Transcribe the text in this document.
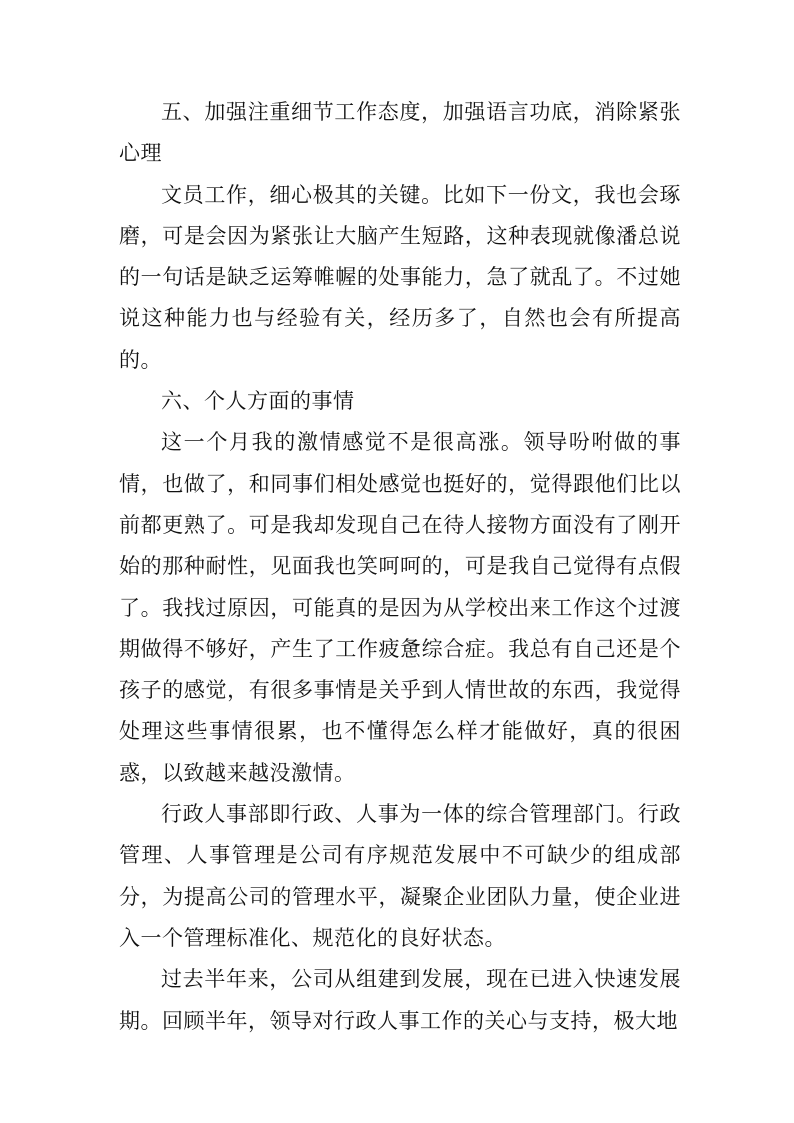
五、加强注重细节工作态度，加强语言功底，消除紧张心理

文员工作，细心极其的关键。比如下一份文，我也会琢磨，可是会因为紧张让大脑产生短路，这种表现就像潘总说的一句话是缺乏运筹帷幄的处事能力，急了就乱了。不过她说这种能力也与经验有关，经历多了，自然也会有所提高的。

六、个人方面的事情

这一个月我的激情感觉不是很高涨。领导吩咐做的事情，也做了，和同事们相处感觉也挺好的，觉得跟他们比以前都更熟了。可是我却发现自己在待人接物方面没有了刚开始的那种耐性，见面我也笑呵呵的，可是我自己觉得有点假了。我找过原因，可能真的是因为从学校出来工作这个过渡期做得不够好，产生了工作疲惫综合症。我总有自己还是个孩子的感觉，有很多事情是关乎到人情世故的东西，我觉得处理这些事情很累，也不懂得怎么样才能做好，真的很困惑，以致越来越没激情。

行政人事部即行政、人事为一体的综合管理部门。行政管理、人事管理是公司有序规范发展中不可缺少的组成部分，为提高公司的管理水平，凝聚企业团队力量，使企业进入一个管理标准化、规范化的良好状态。

过去半年来，公司从组建到发展，现在已进入快速发展期。回顾半年，领导对行政人事工作的关心与支持，极大地
